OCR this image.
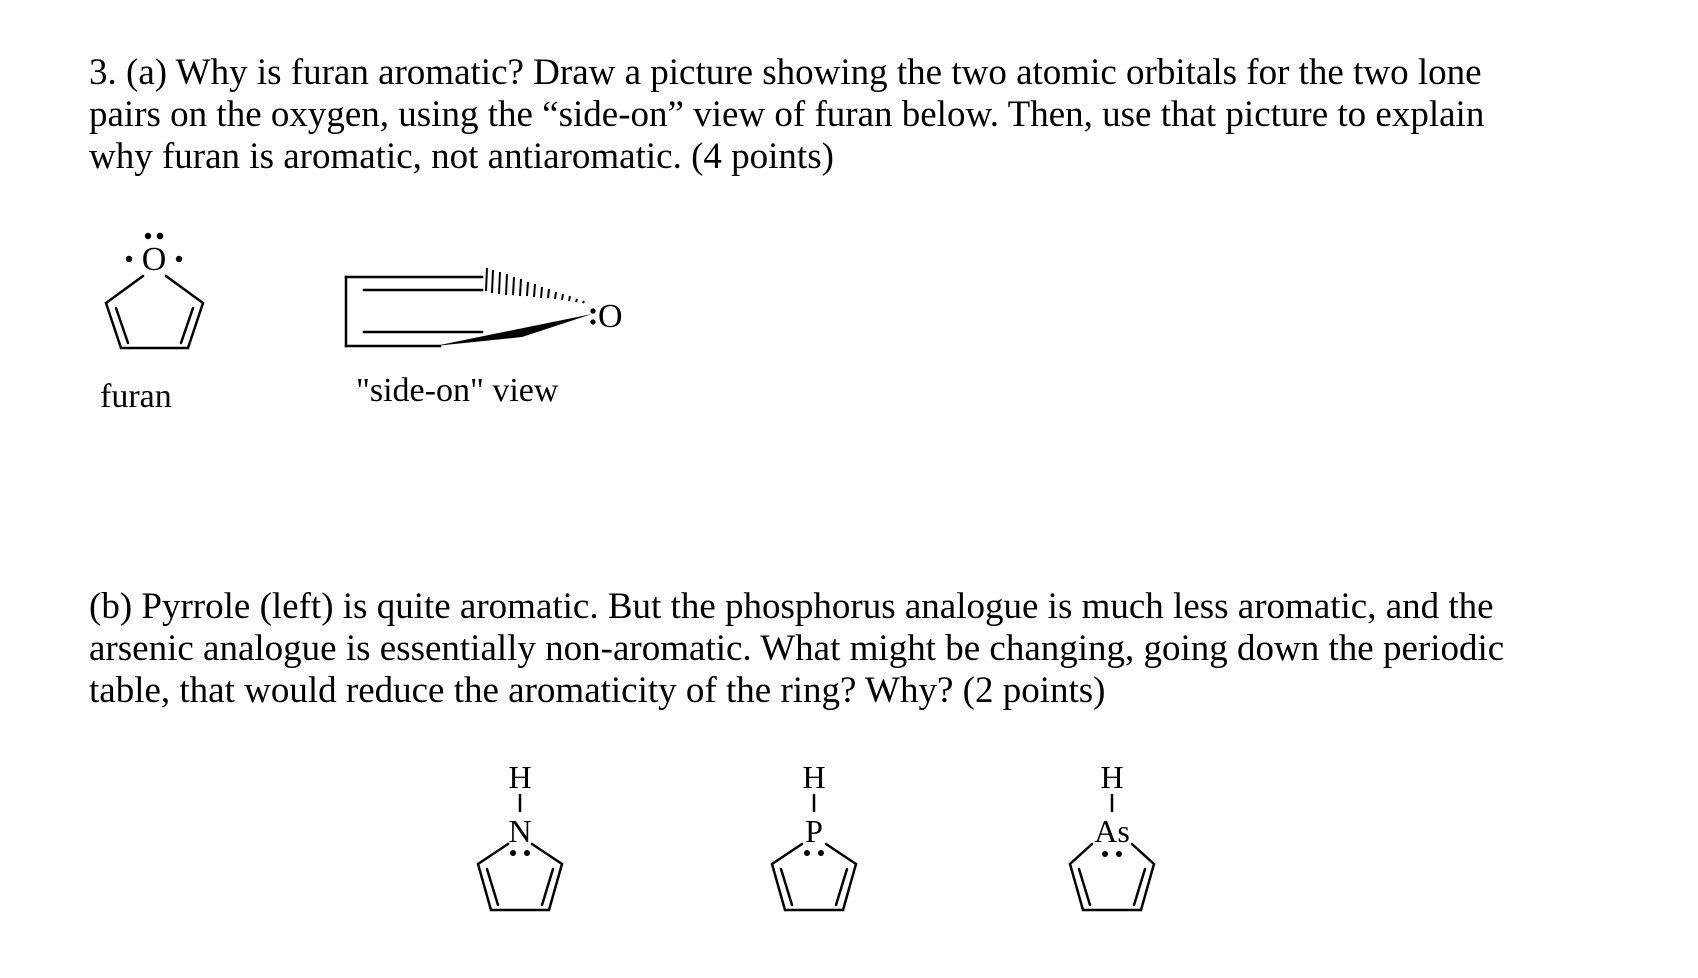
3. (a) Why is furan aromatic? Draw a picture showing the two atomic orbitals for the two lone
pairs on the oxygen, using the “side-on” view of furan below. Then, use that picture to explain
why furan is aromatic, not antiaromatic. (4 points)
O
furan
O
"side-on" view
(b) Pyrrole (left) is quite aromatic. But the phosphorus analogue is much less aromatic, and the
arsenic analogue is essentially non-aromatic. What might be changing, going down the periodic
table, that would reduce the aromaticity of the ring? Why? (2 points)
H
N
H
P
H
As
